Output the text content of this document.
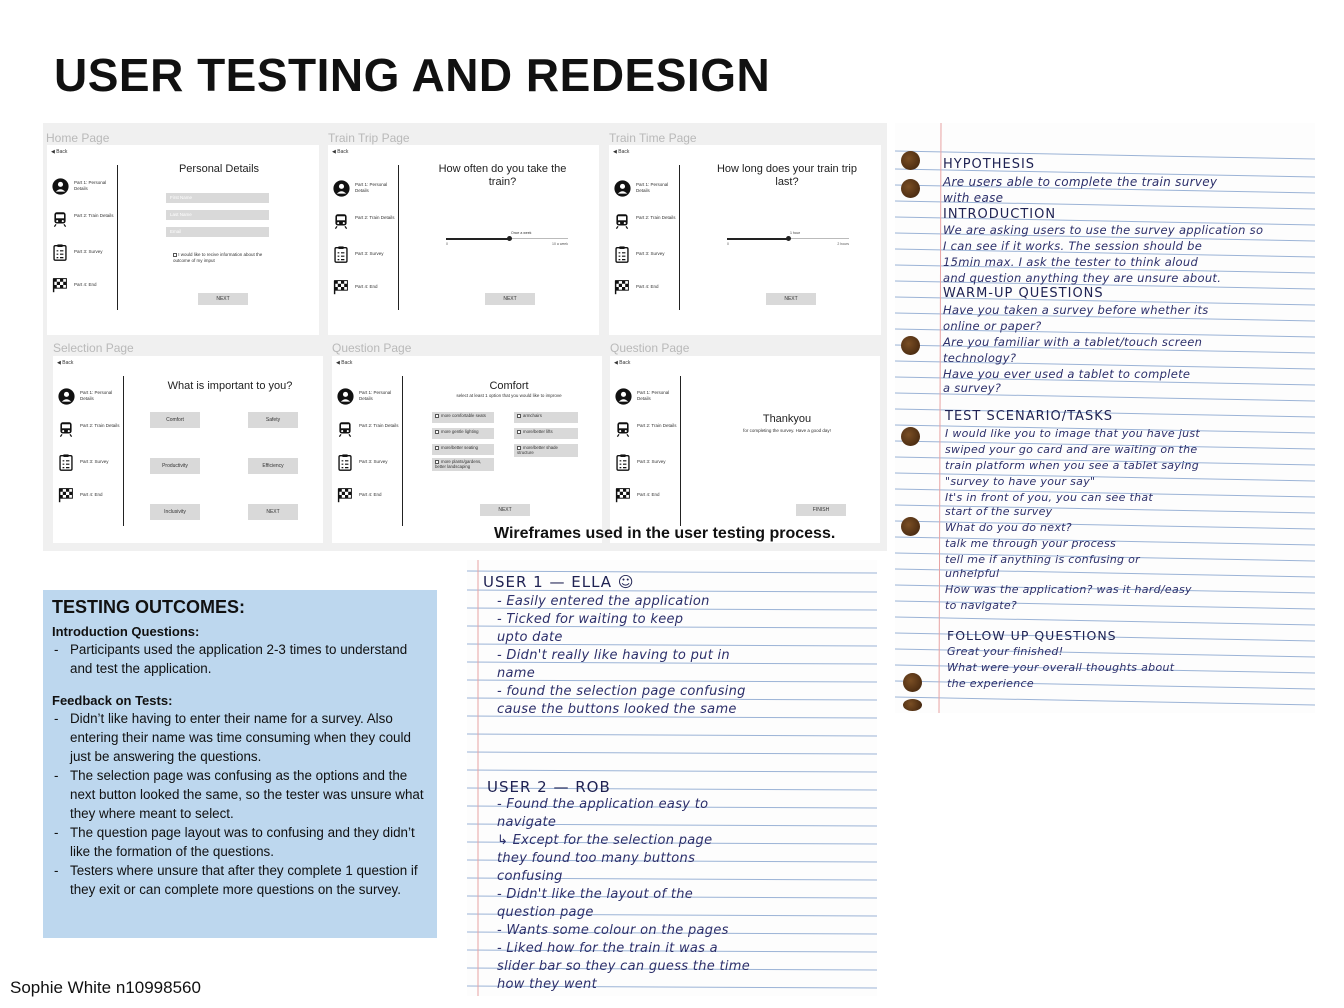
USER TESTING AND REDESIGN
Home Page	Train Trip Page	Train Time Page
◀ Back
Part 1: Personal Details
Part 2: Train Details
Part 3: Survey
Part 4: End
Personal Details
First Name
Last Name
Email
I would like to recive information about the outcome of my imput
NEXT
◀ Back
Part 1: Personal Details
Part 2: Train Details
Part 3: Survey
Part 4: End
How often do you take the train?
Once a week
0	10 a week
NEXT
◀ Back
Part 1: Personal Details
Part 2: Train Details
Part 3: Survey
Part 4: End
How long does your train trip last?
1 hour
0	2 hours
NEXT
Selection Page	Question Page	Question Page
◀ Back
Part 1: Personal Details
Part 2: Train Details
Part 3: Survey
Part 4: End
What is important to you?
Comfort	Safety
Productivity	Efficiency
Inclusivity	NEXT
◀ Back
Part 1: Personal Details
Part 2: Train Details
Part 3: Survey
Part 4: End
Comfort
select at least 1 option that you would like to improve
more comfortable seats
more gentle lighting
more/better seating
more plants/gardens, better landscaping
armchairs
more/better lifts
more/better shade structure
NEXT
◀ Back
Part 1: Personal Details
Part 2: Train Details
Part 3: Survey
Part 4: End
Thankyou
for completing the survey. Have a good day!
FINISH
Wireframes used in the user testing process.
TESTING OUTCOMES:
Introduction Questions:
- Participants used the application 2-3 times to understand and test the application.
Feedback on Tests:
- Didn’t like having to enter their name for a survey. Also entering their name was time consuming when they could just be answering the questions.
- The selection page was confusing as the options and the next button looked the same, so the tester was unsure what they where meant to select.
- The question page layout was to confusing and they didn’t like the formation of the questions.
- Testers where unsure that after they complete 1 question if they exit or can complete more questions on the survey.
Sophie White n10998560
USER 1 — ELLA ☺
- Easily entered the application
- Ticked for waiting to keep
upto date
- Didn't really like having to put in
name
- found the selection page confusing
cause the buttons looked the same
USER 2 — ROB
- Found the application easy to
navigate
↳ Except for the selection page
they found too many buttons
confusing
- Didn't like the layout of the
question page
- Wants some colour on the pages
- Liked how for the train it was a
slider bar so they can guess the time
how they went
HYPOTHESIS
Are users able to complete the train survey
with ease
INTRODUCTION
We are asking users to use the survey application so
I can see if it works. The session should be
15min max. I ask the tester to think aloud
and question anything they are unsure about.
WARM-UP QUESTIONS
Have you taken a survey before whether its
online or paper?
Are you familiar with a tablet/touch screen
technology?
Have you ever used a tablet to complete
a survey?
TEST SCENARIO/TASKS
I would like you to image that you have just
swiped your go card and are waiting on the
train platform when you see a tablet saying
"survey to have your say"
It's in front of you, you can see that
start of the survey
What do you do next?
talk me through your process
tell me if anything is confusing or
unhelpful
How was the application? was it hard/easy
to navigate?
FOLLOW UP QUESTIONS
Great your finished!
What were your overall thoughts about
the experience
